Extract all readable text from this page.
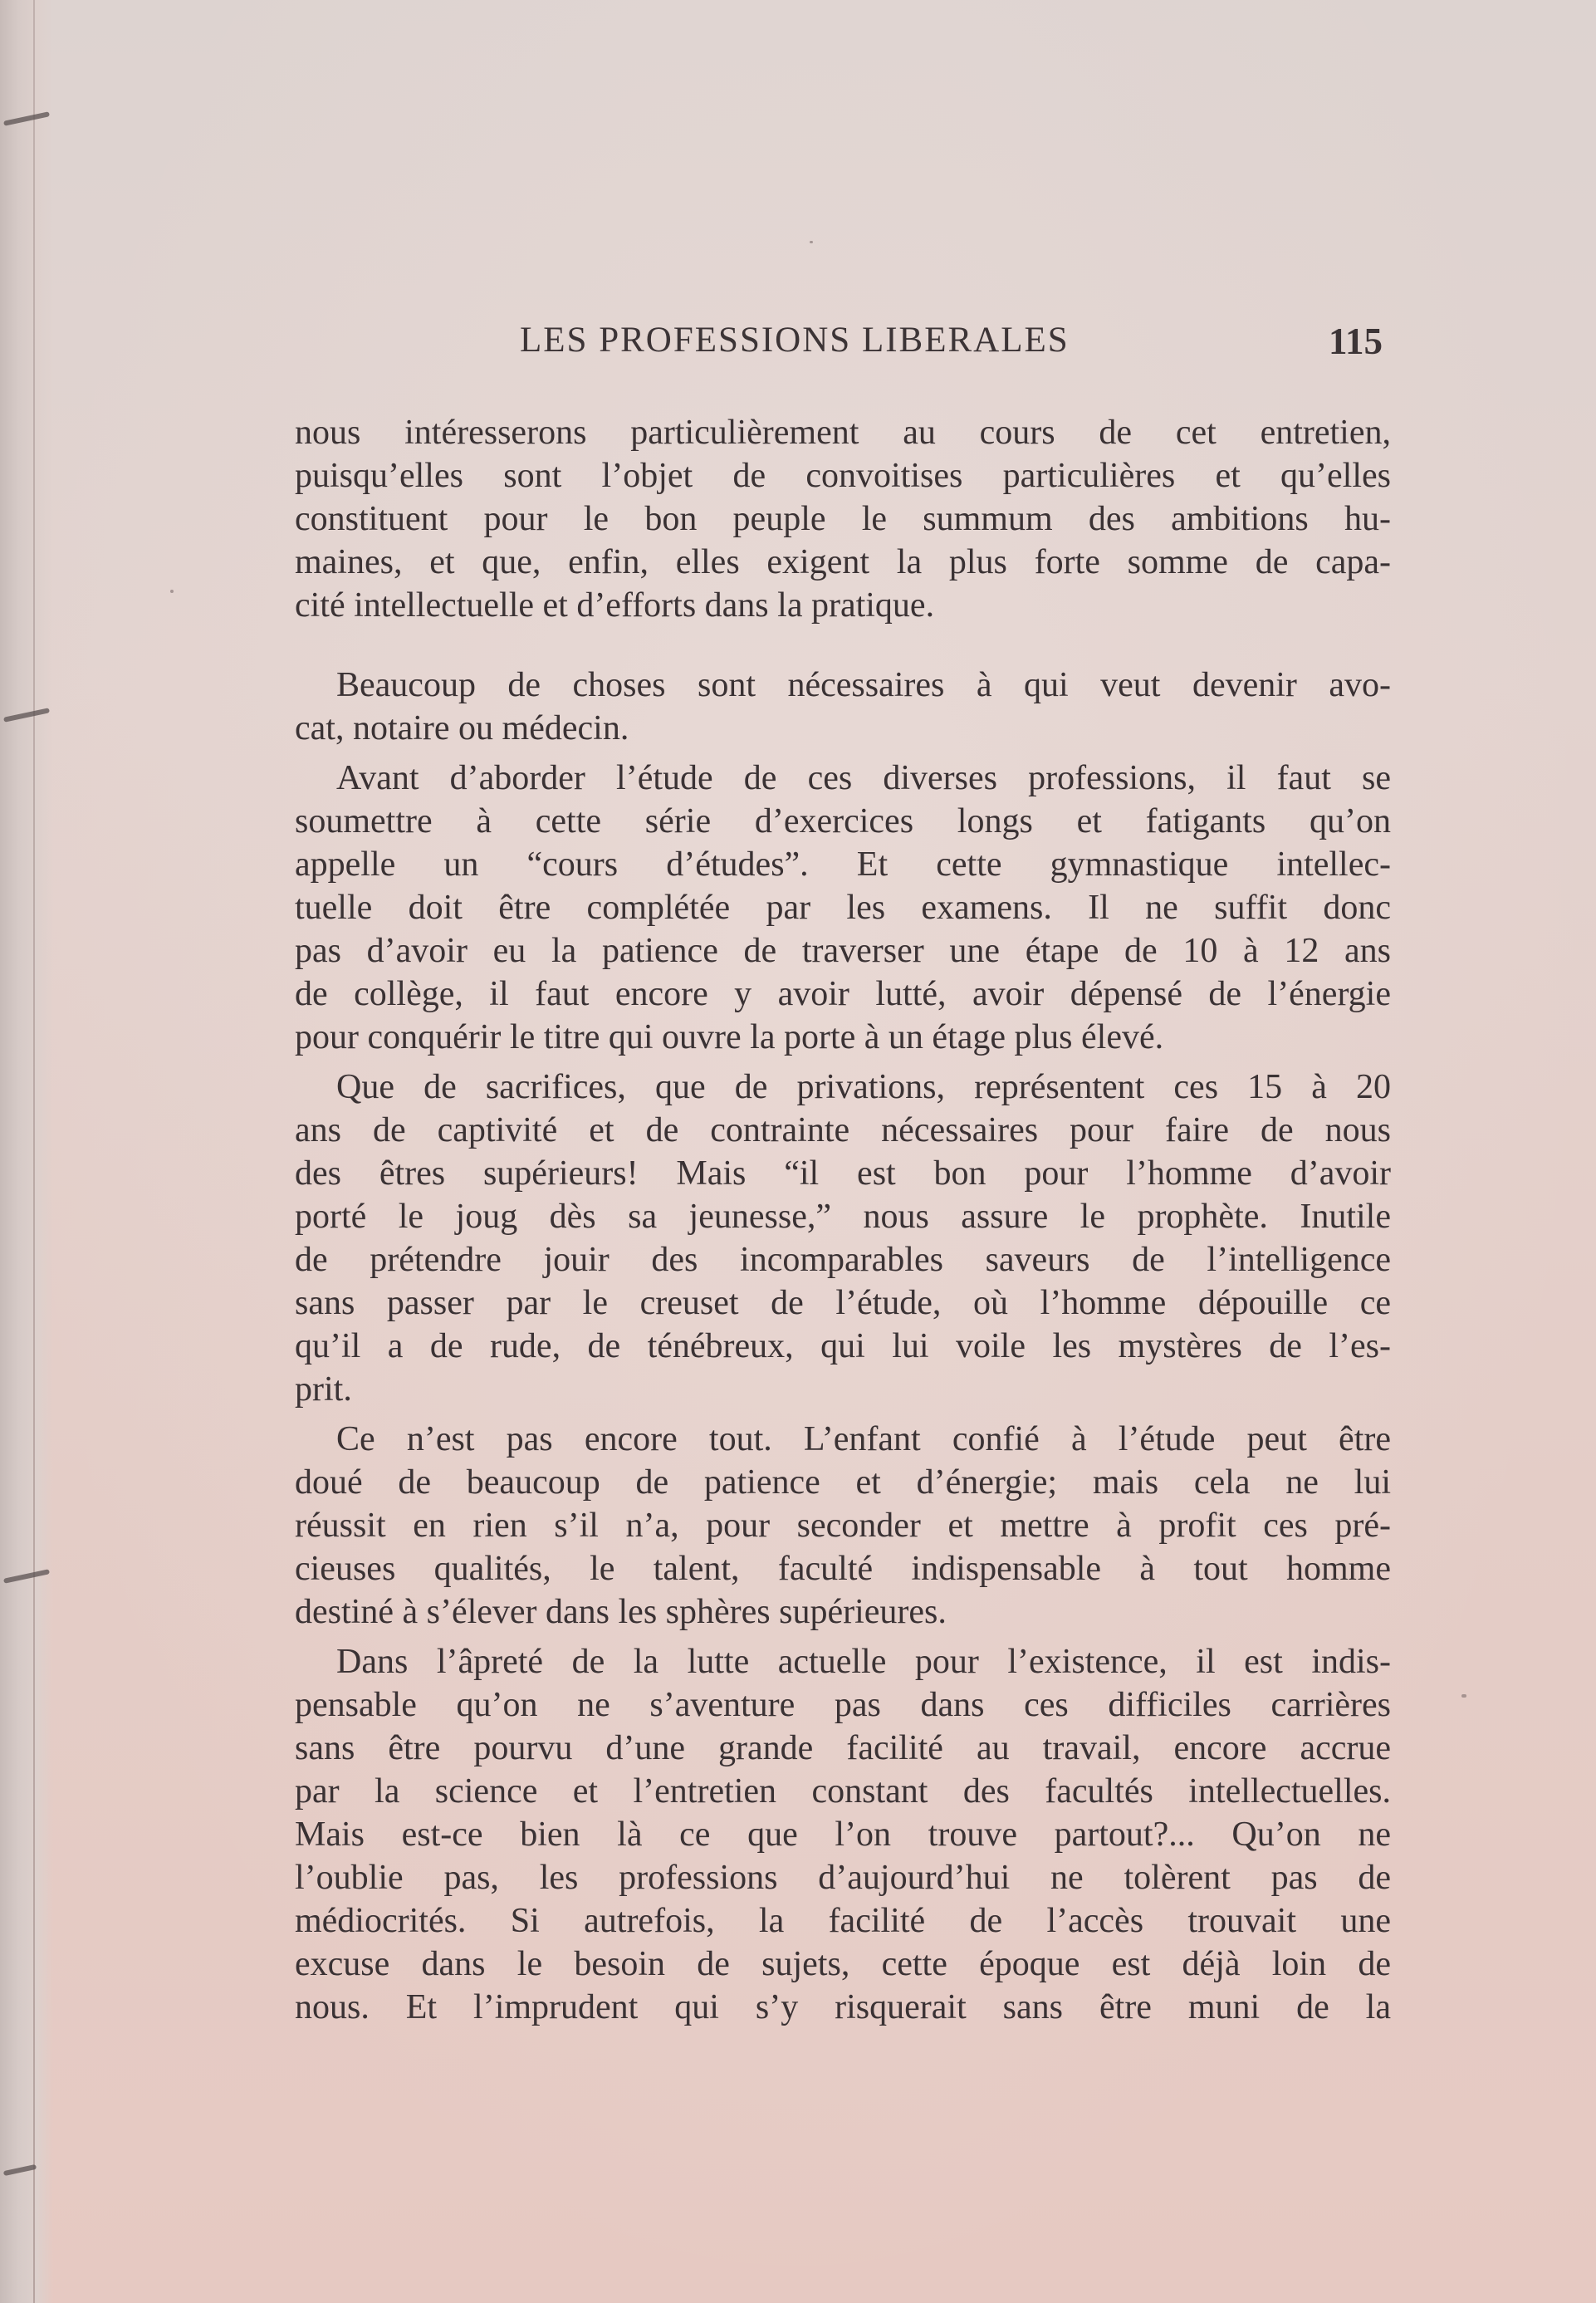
LES PROFESSIONS LIBERALES	115
nous intéresserons particulièrement au cours de cet entretien,
puisqu’elles sont l’objet de convoitises particulières et qu’elles
constituent pour le bon peuple le summum des ambitions hu-
maines, et que, enfin, elles exigent la plus forte somme de capa-
cité intellectuelle et d’efforts dans la pratique.
Beaucoup de choses sont nécessaires à qui veut devenir avo-
cat, notaire ou médecin.
Avant d’aborder l’étude de ces diverses professions, il faut se
soumettre à cette série d’exercices longs et fatigants qu’on
appelle un “cours d’études”. Et cette gymnastique intellec-
tuelle doit être complétée par les examens. Il ne suffit donc
pas d’avoir eu la patience de traverser une étape de 10 à 12 ans
de collège, il faut encore y avoir lutté, avoir dépensé de l’énergie
pour conquérir le titre qui ouvre la porte à un étage plus élevé.
Que de sacrifices, que de privations, représentent ces 15 à 20
ans de captivité et de contrainte nécessaires pour faire de nous
des êtres supérieurs! Mais “il est bon pour l’homme d’avoir
porté le joug dès sa jeunesse,” nous assure le prophète. Inutile
de prétendre jouir des incomparables saveurs de l’intelligence
sans passer par le creuset de l’étude, où l’homme dépouille ce
qu’il a de rude, de ténébreux, qui lui voile les mystères de l’es-
prit.
Ce n’est pas encore tout. L’enfant confié à l’étude peut être
doué de beaucoup de patience et d’énergie; mais cela ne lui
réussit en rien s’il n’a, pour seconder et mettre à profit ces pré-
cieuses qualités, le talent, faculté indispensable à tout homme
destiné à s’élever dans les sphères supérieures.
Dans l’âpreté de la lutte actuelle pour l’existence, il est indis-
pensable qu’on ne s’aventure pas dans ces difficiles carrières
sans être pourvu d’une grande facilité au travail, encore accrue
par la science et l’entretien constant des facultés intellectuelles.
Mais est-ce bien là ce que l’on trouve partout?... Qu’on ne
l’oublie pas, les professions d’aujourd’hui ne tolèrent pas de
médiocrités. Si autrefois, la facilité de l’accès trouvait une
excuse dans le besoin de sujets, cette époque est déjà loin de
nous. Et l’imprudent qui s’y risquerait sans être muni de la
